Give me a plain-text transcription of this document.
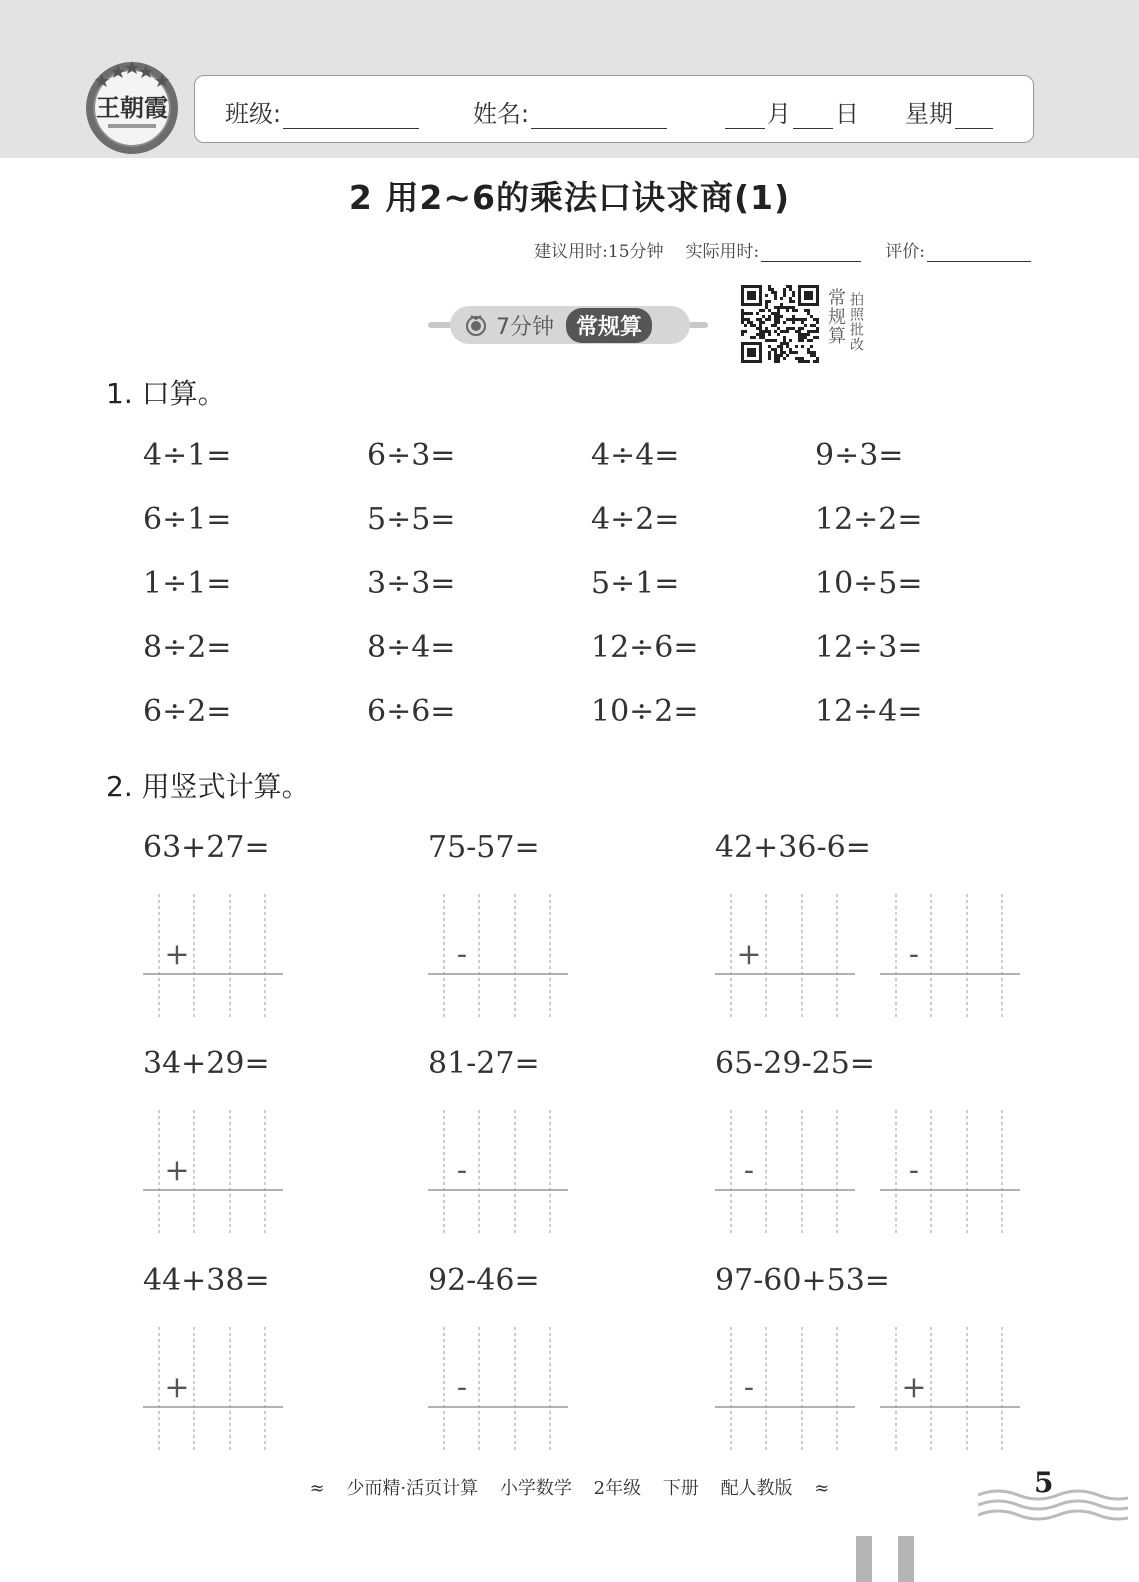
王朝霞 班级:	姓名:	月 日 星期
2 用2~6的乘法口诀求商(1)
建议用时:15分钟 实际用时:	评价:
7分钟	常规算	常规算 拍照批改
1. 口算。
4÷1=	6÷3=	4÷4=	9÷3=
6÷1=	5÷5=	4÷2=	12÷2=
1÷1=	3÷3=	5÷1=	10÷5=
8÷2=	8÷4=	12÷6=	12÷3=
6÷2=	6÷6=	10÷2=	12÷4=
2. 用竖式计算。
63+27=
+
75-57=
-
42+36-6=
+	-
34+29=
+
81-27=
-
65-29-25=
-	-
44+38=
+
92-46=
-
97-60+53=
-	+
≈ 少而精·活页计算 小学数学 2年级 下册 配人教版 ≈	5
